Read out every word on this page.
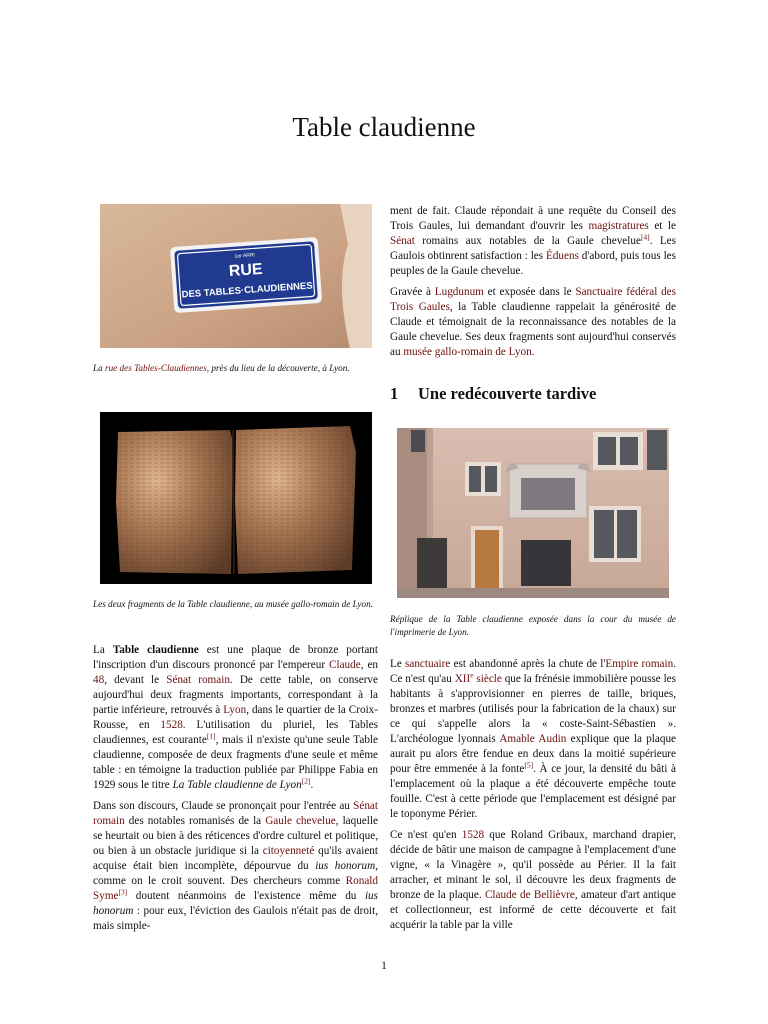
Table claudienne
1er ARRt
RUE
DES TABLES·CLAUDIENNES

La rue des Tables-Claudiennes, près du lieu de la découverte, à Lyon.

Les deux fragments de la Table claudienne, au musée gallo-romain de Lyon.

La Table claudienne est une plaque de bronze portant l'inscription d'un discours prononcé par l'empereur Claude, en 48, devant le Sénat romain. De cette table, on conserve aujourd'hui deux fragments importants, correspondant à la partie inférieure, retrouvés à Lyon, dans le quartier de la Croix-Rousse, en 1528. L'utilisation du pluriel, les Tables claudiennes, est courante[1], mais il n'existe qu'une seule Table claudienne, composée de deux fragments d'une seule et même table : en témoigne la traduction publiée par Philippe Fabia en 1929 sous le titre La Table claudienne de Lyon[2].

Dans son discours, Claude se prononçait pour l'entrée au Sénat romain des notables romanisés de la Gaule chevelue, laquelle se heurtait ou bien à des réticences d'ordre culturel et politique, ou bien à un obstacle juridique si la citoyenneté qu'ils avaient acquise était bien incomplète, dépourvue du ius honorum, comme on le croit souvent. Des chercheurs comme Ronald Syme[3] doutent néanmoins de l'existence même du ius honorum : pour eux, l'éviction des Gaulois n'était pas de droit, mais simple-

ment de fait. Claude répondait à une requête du Conseil des Trois Gaules, lui demandant d'ouvrir les magistratures et le Sénat romains aux notables de la Gaule chevelue[4]. Les Gaulois obtinrent satisfaction : les Éduens d'abord, puis tous les peuples de la Gaule chevelue.

Gravée à Lugdunum et exposée dans le Sanctuaire fédéral des Trois Gaules, la Table claudienne rappelait la générosité de Claude et témoignait de la reconnaissance des notables de la Gaule chevelue. Ses deux fragments sont aujourd'hui conservés au musée gallo-romain de Lyon.

1 Une redécouverte tardive

Réplique de la Table claudienne exposée dans la cour du musée de l'imprimerie de Lyon.

Le sanctuaire est abandonné après la chute de l'Empire romain. Ce n'est qu'au XIIe siècle que la frénésie immobilière pousse les habitants à s'approvisionner en pierres de taille, briques, bronzes et marbres (utilisés pour la fabrication de la chaux) sur ce qui s'appelle alors la « coste-Saint-Sébastien ». L'archéologue lyonnais Amable Audin explique que la plaque aurait pu alors être fendue en deux dans la moitié supérieure pour être emmenée à la fonte[5]. À ce jour, la densité du bâti à l'emplacement où la plaque a été découverte empêche toute fouille. C'est à cette période que l'emplacement est désigné par le toponyme Périer.

Ce n'est qu'en 1528 que Roland Gribaux, marchand drapier, décide de bâtir une maison de campagne à l'emplacement d'une vigne, « la Vinagère », qu'il possède au Périer. Il la fait arracher, et minant le sol, il découvre les deux fragments de bronze de la plaque. Claude de Bellièvre, amateur d'art antique et collectionneur, est informé de cette découverte et fait acquérir la table par la ville

1
